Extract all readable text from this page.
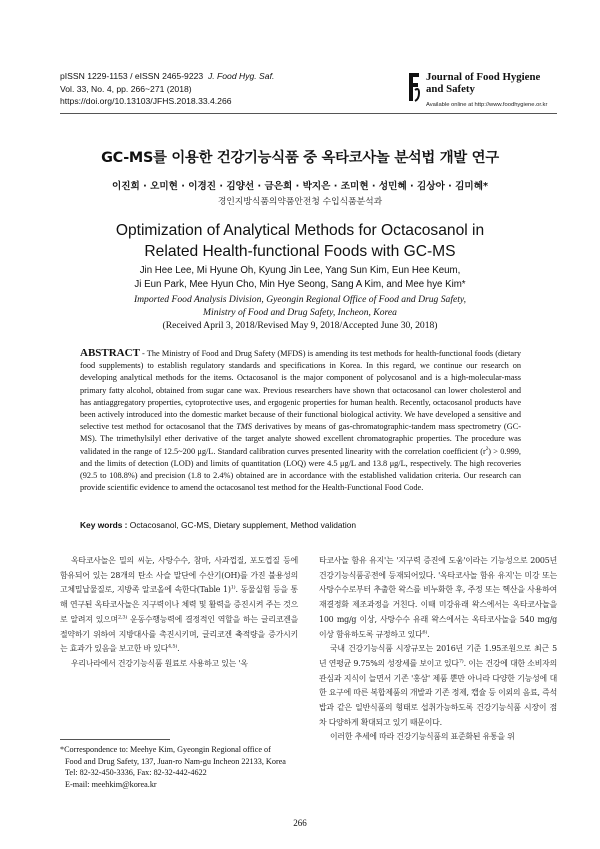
pISSN 1229-1153 / eISSN 2465-9223 J. Food Hyg. Saf.
Vol. 33, No. 4, pp. 266~271 (2018)
https://doi.org/10.13103/JFHS.2018.33.4.266
Journal of Food Hygiene
and Safety
Available online at http://www.foodhygiene.or.kr
GC-MS를 이용한 건강기능식품 중 옥타코사놀 분석법 개발 연구
이진희 · 오미현 · 이경진 · 김양선 · 금은희 · 박지은 · 조미현 · 성민혜 · 김상아 · 김미혜*
경인지방식품의약품안전청 수입식품분석과
Optimization of Analytical Methods for Octacosanol in
Related Health-functional Foods with GC-MS
Jin Hee Lee, Mi Hyune Oh, Kyung Jin Lee, Yang Sun Kim, Eun Hee Keum,
Ji Eun Park, Mee Hyun Cho, Min Hye Seong, Sang A Kim, and Mee hye Kim*
Imported Food Analysis Division, Gyeongin Regional Office of Food and Drug Safety,
Ministry of Food and Drug Safety, Incheon, Korea
(Received April 3, 2018/Revised May 9, 2018/Accepted June 30, 2018)
ABSTRACT - The Ministry of Food and Drug Safety (MFDS) is amending its test methods for health-functional foods (dietary food supplements) to establish regulatory standards and specifications in Korea. In this regard, we continue our research on developing analytical methods for the items. Octacosanol is the major component of polycosanol and is a high-molecular-mass primary fatty alcohol, obtained from sugar cane wax. Previous researchers have shown that octacosanol can lower cholesterol and has antiaggregatory properties, cytoprotective uses, and ergogenic properties for human health. Recently, octacosanol products have been actively introduced into the domestic market because of their functional biological activity. We have developed a sensitive and selective test method for octacosanol that the TMS derivatives by means of gas-chromatographic-tandem mass spectrometry (GC-MS). The trimethylsilyl ether derivative of the target analyte showed excellent chromatographic properties. The procedure was validated in the range of 12.5~200 μg/L. Standard calibration curves presented linearity with the correlation coefficient $(r^2) > 0.999$, and the limits of detection (LOD) and limits of quantitation (LOQ) were 4.5 μg/L and 13.8 μg/L, respectively. The high recoveries (92.5 to 108.8%) and precision (1.8 to 2.4%) obtained are in accordance with the established validation criteria. Our research can provide scientific evidence to amend the octacosanol test method for the Health-Functional Food Code.
Key words : Octacosanol, GC-MS, Dietary supplement, Method validation

옥타코사놀은 밀의 씨눈, 사탕수수, 참마, 사과껍질, 포도껍질 등에 함유되어 있는 28개의 탄소 사슬 말단에 수산기(OH)를 가진 불용성의 고체밀납물질로, 지방족 알코올에 속한다(Table 1)$^{1)}$. 동물실험 등을 통해 연구된 옥타코사놀은 지구력이나 체력 및 활력을 증진시켜 주는 것으로 알려져 있으며$^{2,3)}$ 운동수행능력에 결정적인 역할을 하는 글리코겐을 절약하기 위하여 지방대사를 촉진시키며, 글리코겐 축적량을 증가시키는 효과가 있음을 보고한 바 있다$^{4,5)}$.

우리나라에서 건강기능식품 원료로 사용하고 있는 '옥

타코사놀 함유 유지'는 '지구력 증진에 도움'이라는 기능성으로 2005년 건강기능식품공전에 등재되어있다. '옥타코사놀 함유 유지'는 미강 또는 사탕수수로부터 추출한 왁스를 비누화한 후, 주정 또는 헥산을 사용하여 재결정화 제조과정을 거친다. 이때 미강유래 왁스에서는 옥타코사놀을 100 mg/g 이상, 사탕수수 유래 왁스에서는 옥타코사놀을 540 mg/g 이상 함유하도록 규정하고 있다$^{6)}$.

국내 건강기능식품 시장규모는 2016년 기준 1.95조원으로 최근 5년 연평균 9.75%의 성장세를 보이고 있다$^{7)}$. 이는 건강에 대한 소비자의 관심과 지식이 늘면서 기존 '홍삼' 제품 뿐만 아니라 다양한 기능성에 대한 요구에 따른 복합제품의 개발과 기존 정제, 캡슐 등 이외의 음료, 즉석밥과 같은 일반식품의 형태로 섭취가능하도록 건강기능식품 시장이 점차 다양하게 확대되고 있기 때문이다.

이러한 추세에 따라 건강기능식품의 표준화된 유통을 위

*Correspondence to: Meehye Kim, Gyeongin Regional office of
Food and Drug Safety, 137, Juan-ro Nam-gu Incheon 22133, Korea
Tel: 82-32-450-3336, Fax: 82-32-442-4622
E-mail: meehkim@korea.kr
266
